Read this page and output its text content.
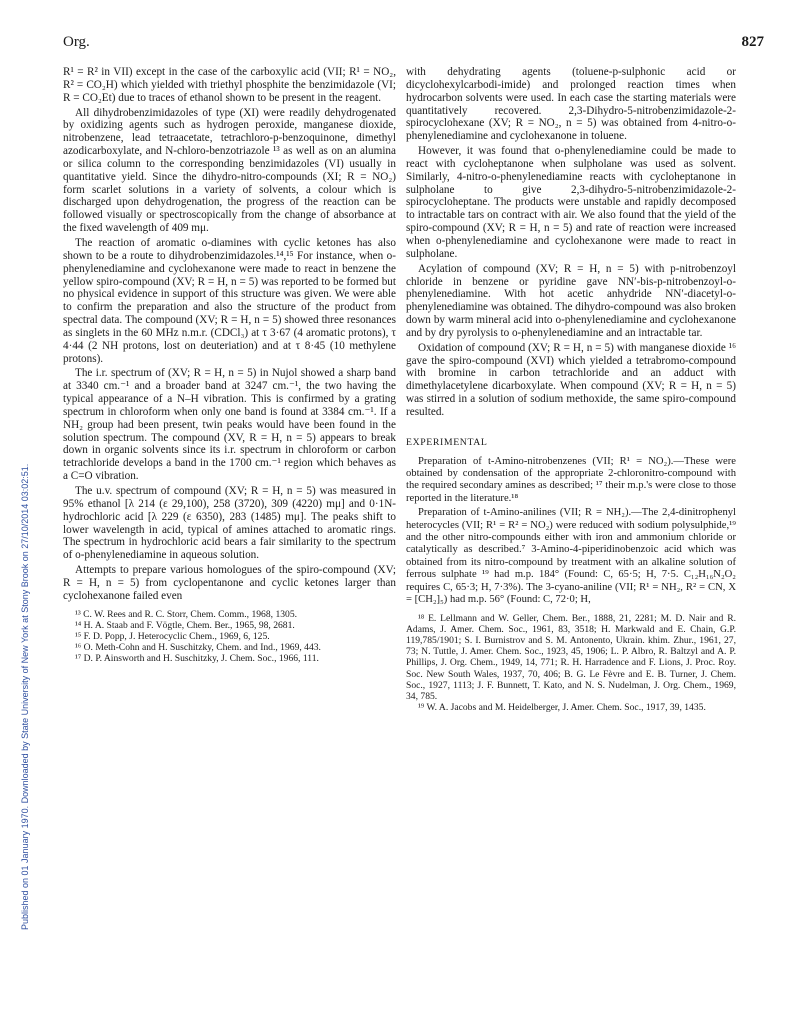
Org.	827
Published on 01 January 1970. Downloaded by State University of New York at Stony Brook on 27/10/2014 03:02:51.

R¹ = R² in VII) except in the case of the carboxylic acid (VII; R¹ = NO₂, R² = CO₂H) which yielded with triethyl phosphite the benzimidazole (VI; R = CO₂Et) due to traces of ethanol shown to be present in the reagent.

All dihydrobenzimidazoles of type (XI) were readily dehydrogenated by oxidizing agents such as hydrogen peroxide, manganese dioxide, nitrobenzene, lead tetraacetate, tetrachloro-p-benzoquinone, dimethyl azodicarboxylate, and N-chloro-benzotriazole ¹³ as well as on an alumina or silica column to the corresponding benzimidazoles (VI) usually in quantitative yield. Since the dihydro-nitro-compounds (XI; R = NO₂) form scarlet solutions in a variety of solvents, a colour which is discharged upon dehydrogenation, the progress of the reaction can be followed visually or spectroscopically from the change of absorbance at the fixed wavelength of 409 mμ.

The reaction of aromatic o-diamines with cyclic ketones has also shown to be a route to dihydrobenzimidazoles.¹⁴,¹⁵ For instance, when o-phenylenediamine and cyclohexanone were made to react in benzene the yellow spiro-compound (XV; R = H, n = 5) was reported to be formed but no physical evidence in support of this structure was given. We were able to confirm the preparation and also the structure of the product from spectral data. The compound (XV; R = H, n = 5) showed three resonances as singlets in the 60 MHz n.m.r. (CDCl₃) at τ 3·67 (4 aromatic protons), τ 4·44 (2 NH protons, lost on deuteriation) and at τ 8·45 (10 methylene protons).

The i.r. spectrum of (XV; R = H, n = 5) in Nujol showed a sharp band at 3340 cm.⁻¹ and a broader band at 3247 cm.⁻¹, the two having the typical appearance of a N–H vibration. This is confirmed by a grating spectrum in chloroform when only one band is found at 3384 cm.⁻¹. If a NH₂ group had been present, twin peaks would have been found in the solution spectrum. The compound (XV, R = H, n = 5) appears to break down in organic solvents since its i.r. spectrum in chloroform or carbon tetrachloride develops a band in the 1700 cm.⁻¹ region which behaves as a C=O vibration.

The u.v. spectrum of compound (XV; R = H, n = 5) was measured in 95% ethanol [λ 214 (ε 29,100), 258 (3720), 309 (4220) mμ] and 0·1N-hydrochloric acid [λ 229 (ε 6350), 283 (1485) mμ]. The peaks shift to lower wavelength in acid, typical of amines attached to aromatic rings. The spectrum in hydrochloric acid bears a fair similarity to the spectrum of o-phenylenediamine in aqueous solution.

Attempts to prepare various homologues of the spiro-compound (XV; R = H, n = 5) from cyclopentanone and cyclic ketones larger than cyclohexanone failed even

¹³ C. W. Rees and R. C. Storr, Chem. Comm., 1968, 1305.

¹⁴ H. A. Staab and F. Vögtle, Chem. Ber., 1965, 98, 2681.

¹⁵ F. D. Popp, J. Heterocyclic Chem., 1969, 6, 125.

¹⁶ O. Meth-Cohn and H. Suschitzky, Chem. and Ind., 1969, 443.

¹⁷ D. P. Ainsworth and H. Suschitzky, J. Chem. Soc., 1966, 111.

with dehydrating agents (toluene-p-sulphonic acid or dicyclohexylcarbodi-imide) and prolonged reaction times when hydrocarbon solvents were used. In each case the starting materials were quantitatively recovered. 2,3-Dihydro-5-nitrobenzimidazole-2-spirocyclohexane (XV; R = NO₂, n = 5) was obtained from 4-nitro-o-phenylenediamine and cyclohexanone in toluene.

However, it was found that o-phenylenediamine could be made to react with cycloheptanone when sulpholane was used as solvent. Similarly, 4-nitro-o-phenylenediamine reacts with cycloheptanone in sulpholane to give 2,3-dihydro-5-nitrobenzimidazole-2-spirocycloheptane. The products were unstable and rapidly decomposed to intractable tars on contract with air. We also found that the yield of the spiro-compound (XV; R = H, n = 5) and rate of reaction were increased when o-phenylenediamine and cyclohexanone were made to react in sulpholane.

Acylation of compound (XV; R = H, n = 5) with p-nitrobenzoyl chloride in benzene or pyridine gave NN′-bis-p-nitrobenzoyl-o-phenylenediamine. With hot acetic anhydride NN′-diacetyl-o-phenylenediamine was obtained. The dihydro-compound was also broken down by warm mineral acid into o-phenylenediamine and cyclohexanone and by dry pyrolysis to o-phenylenediamine and an intractable tar.

Oxidation of compound (XV; R = H, n = 5) with manganese dioxide ¹⁶ gave the spiro-compound (XVI) which yielded a tetrabromo-compound with bromine in carbon tetrachloride and an adduct with dimethylacetylene dicarboxylate. When compound (XV; R = H, n = 5) was stirred in a solution of sodium methoxide, the same spiro-compound resulted.

EXPERIMENTAL

Preparation of t-Amino-nitrobenzenes (VII; R¹ = NO₂).—These were obtained by condensation of the appropriate 2-chloronitro-compound with the required secondary amines as described; ¹⁷ their m.p.'s were close to those reported in the literature.¹⁸

Preparation of t-Amino-anilines (VII; R = NH₂).—The 2,4-dinitrophenyl heterocycles (VII; R¹ = R² = NO₂) were reduced with sodium polysulphide,¹⁹ and the other nitro-compounds either with iron and ammonium chloride or catalytically as described.⁷ 3-Amino-4-piperidinobenzoic acid which was obtained from its nitro-compound by treatment with an alkaline solution of ferrous sulphate ¹⁹ had m.p. 184° (Found: C, 65·5; H, 7·5. C₁₂H₁₆N₂O₂ requires C, 65·3; H, 7·3%). The 3-cyano-aniline (VII; R¹ = NH₂, R² = CN, X = [CH₂]₅) had m.p. 56° (Found: C, 72·0; H,

¹⁸ E. Lellmann and W. Geller, Chem. Ber., 1888, 21, 2281; M. D. Nair and R. Adams, J. Amer. Chem. Soc., 1961, 83, 3518; H. Markwald and E. Chain, G.P. 119,785/1901; S. I. Burnistrov and S. M. Antonento, Ukrain. khim. Zhur., 1961, 27, 73; N. Tuttle, J. Amer. Chem. Soc., 1923, 45, 1906; L. P. Albro, R. Baltzyl and A. P. Phillips, J. Org. Chem., 1949, 14, 771; R. H. Harradence and F. Lions, J. Proc. Roy. Soc. New South Wales, 1937, 70, 406; B. G. Le Fèvre and E. B. Turner, J. Chem. Soc., 1927, 1113; J. F. Bunnett, T. Kato, and N. S. Nudelman, J. Org. Chem., 1969, 34, 785.

¹⁹ W. A. Jacobs and M. Heidelberger, J. Amer. Chem. Soc., 1917, 39, 1435.
